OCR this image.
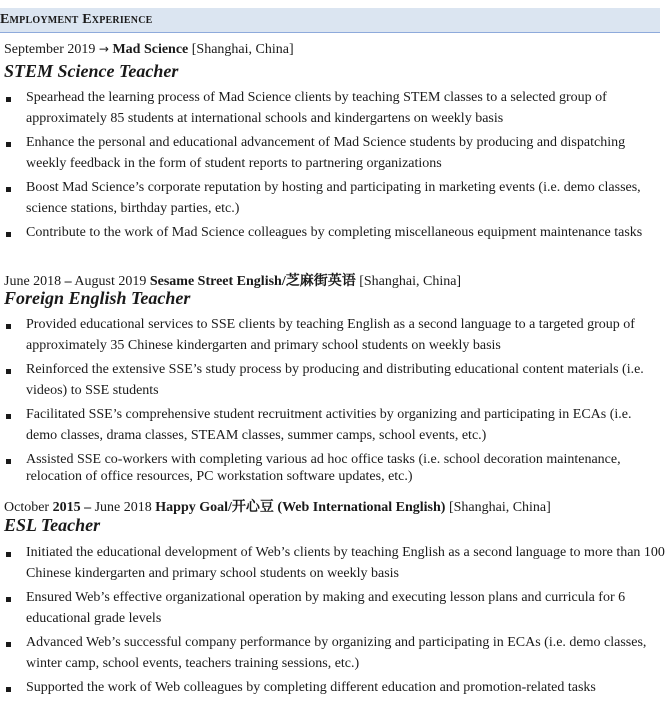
Employment Experience
September 2019 → Mad Science [Shanghai, China]
STEM Science Teacher
Spearhead the learning process of Mad Science clients by teaching STEM classes to a selected group of approximately 85 students at international schools and kindergartens on weekly basis
Enhance the personal and educational advancement of Mad Science students by producing and dispatching weekly feedback in the form of student reports to partnering organizations
Boost Mad Science’s corporate reputation by hosting and participating in marketing events (i.e. demo classes, science stations, birthday parties, etc.)
Contribute to the work of Mad Science colleagues by completing miscellaneous equipment maintenance tasks
June 2018 – August 2019 Sesame Street English/芝麻街英语 [Shanghai, China]
Foreign English Teacher
Provided educational services to SSE clients by teaching English as a second language to a targeted group of approximately 35 Chinese kindergarten and primary school students on weekly basis
Reinforced the extensive SSE’s study process by producing and distributing educational content materials (i.e. videos) to SSE students
Facilitated SSE’s comprehensive student recruitment activities by organizing and participating in ECAs (i.e. demo classes, drama classes, STEAM classes, summer camps, school events, etc.)
Assisted SSE co-workers with completing various ad hoc office tasks (i.e. school decoration maintenance, relocation of office resources, PC workstation software updates, etc.)
October 2015 – June 2018 Happy Goal/开心豆 (Web International English) [Shanghai, China]
ESL Teacher
Initiated the educational development of Web’s clients by teaching English as a second language to more than 100 Chinese kindergarten and primary school students on weekly basis
Ensured Web’s effective organizational operation by making and executing lesson plans and curricula for 6 educational grade levels
Advanced Web’s successful company performance by organizing and participating in ECAs (i.e. demo classes, winter camp, school events, teachers training sessions, etc.)
Supported the work of Web colleagues by completing different education and promotion-related tasks
